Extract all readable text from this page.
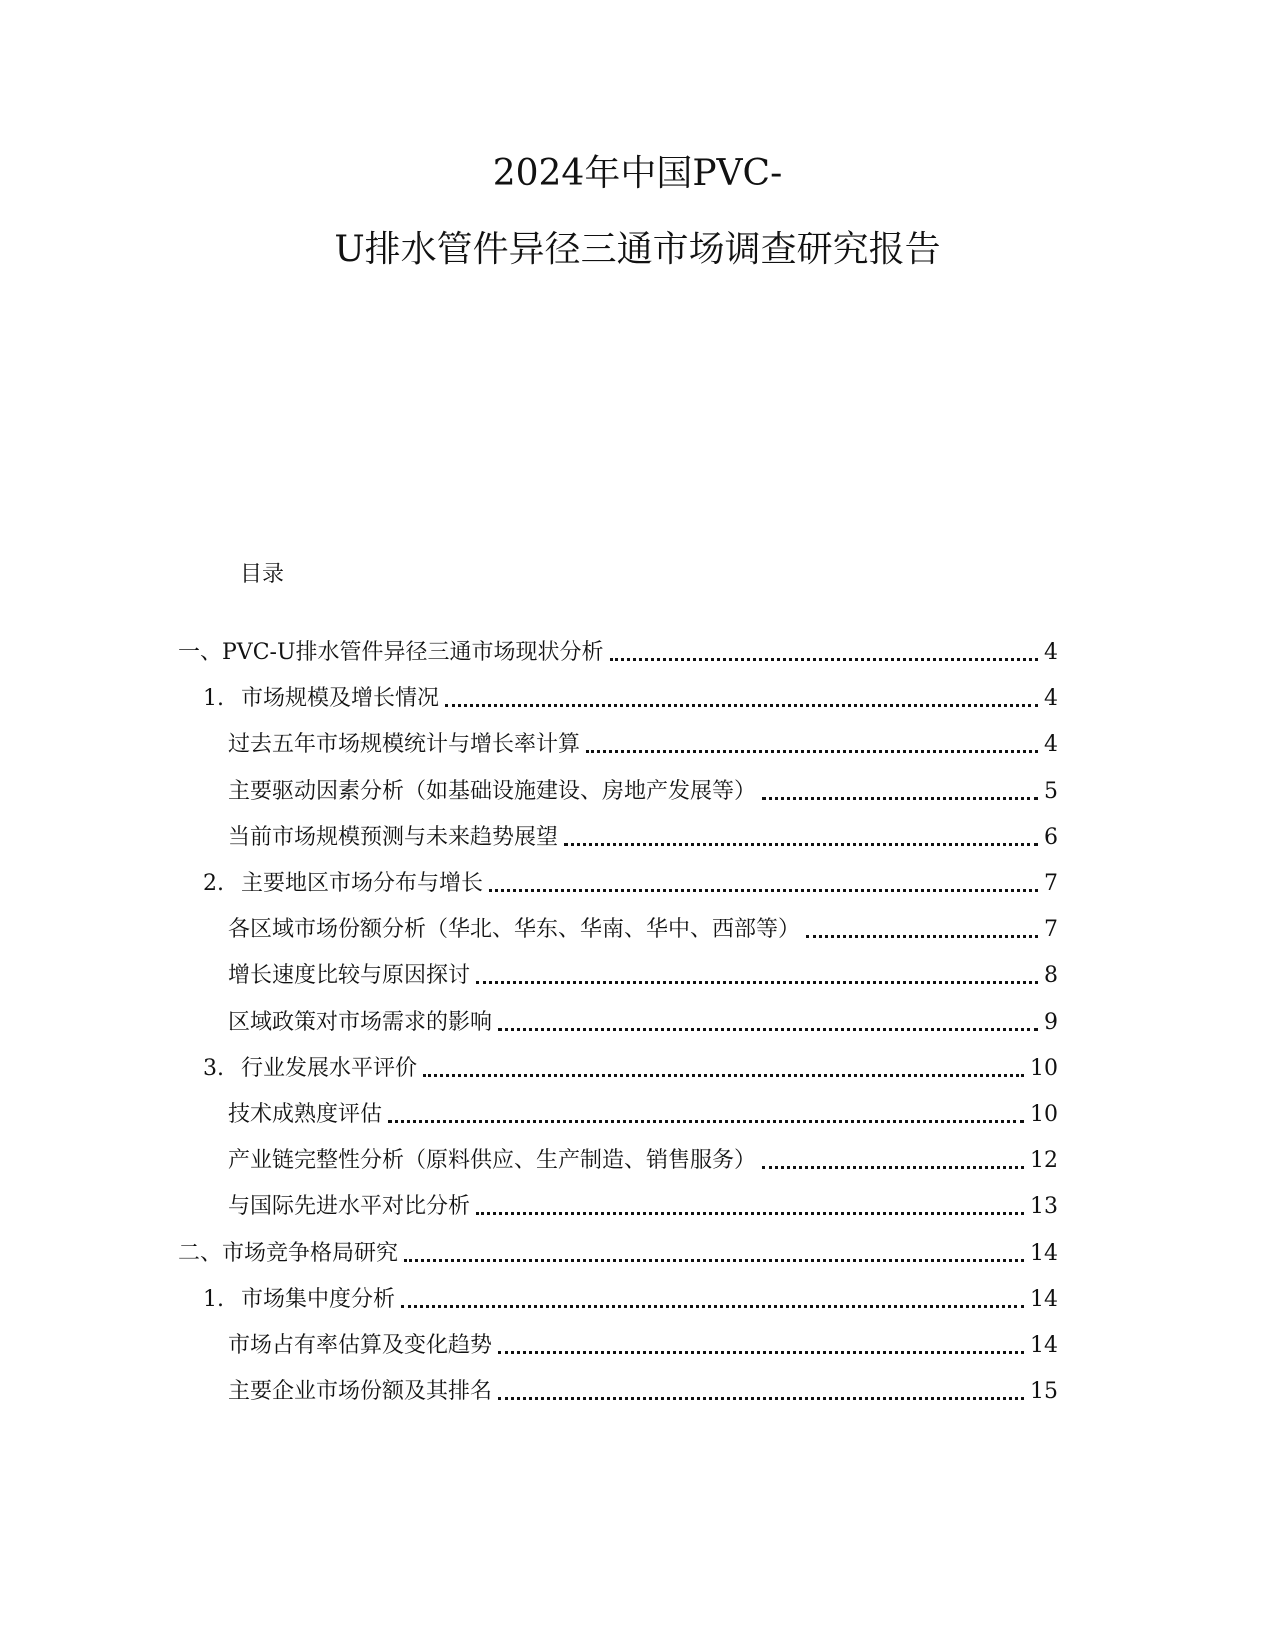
2024年中国PVC-
U排水管件异径三通市场调查研究报告
目录
一、PVC-U排水管件异径三通市场现状分析	4
1. 市场规模及增长情况	4
过去五年市场规模统计与增长率计算	4
主要驱动因素分析（如基础设施建设、房地产发展等）	5
当前市场规模预测与未来趋势展望	6
2. 主要地区市场分布与增长	7
各区域市场份额分析（华北、华东、华南、华中、西部等）	7
增长速度比较与原因探讨	8
区域政策对市场需求的影响	9
3. 行业发展水平评价	10
技术成熟度评估	10
产业链完整性分析（原料供应、生产制造、销售服务）	12
与国际先进水平对比分析	13
二、市场竞争格局研究	14
1. 市场集中度分析	14
市场占有率估算及变化趋势	14
主要企业市场份额及其排名	15
